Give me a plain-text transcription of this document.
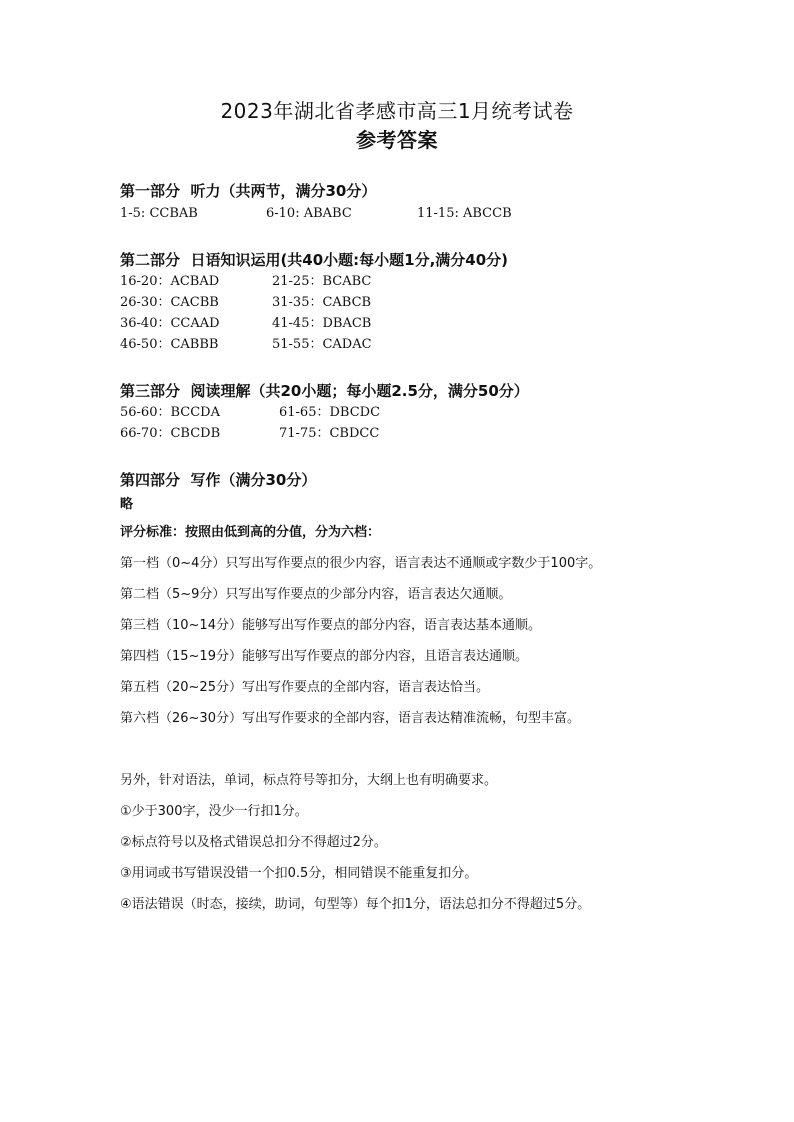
2023年湖北省孝感市高三1月统考试卷
参考答案
第一部分  听力（共两节，满分30分）
1-5: CCBAB	6-10: ABABC	11-15: ABCCB
第二部分  日语知识运用(共40小题:每小题1分,满分40分)
16-20：ACBAD	21-25：BCABC
26-30：CACBB	31-35：CABCB
36-40：CCAAD	41-45：DBACB
46-50：CABBB	51-55：CADAC
第三部分  阅读理解（共20小题；每小题2.5分，满分50分）
56-60：BCCDA	61-65：DBCDC
66-70：CBCDB	71-75：CBDCC
第四部分  写作（满分30分）
略
评分标准：按照由低到高的分值，分为六档：
第一档（0~4分）只写出写作要点的很少内容，语言表达不通顺或字数少于100字。
第二档（5~9分）只写出写作要点的少部分内容，语言表达欠通顺。
第三档（10~14分）能够写出写作要点的部分内容，语言表达基本通顺。
第四档（15~19分）能够写出写作要点的部分内容，且语言表达通顺。
第五档（20~25分）写出写作要点的全部内容，语言表达恰当。
第六档（26~30分）写出写作要求的全部内容，语言表达精准流畅，句型丰富。
另外，针对语法，单词，标点符号等扣分，大纲上也有明确要求。
①少于300字，没少一行扣1分。
②标点符号以及格式错误总扣分不得超过2分。
③用词或书写错误没错一个扣0.5分，相同错误不能重复扣分。
④语法错误（时态，接续，助词，句型等）每个扣1分，语法总扣分不得超过5分。
